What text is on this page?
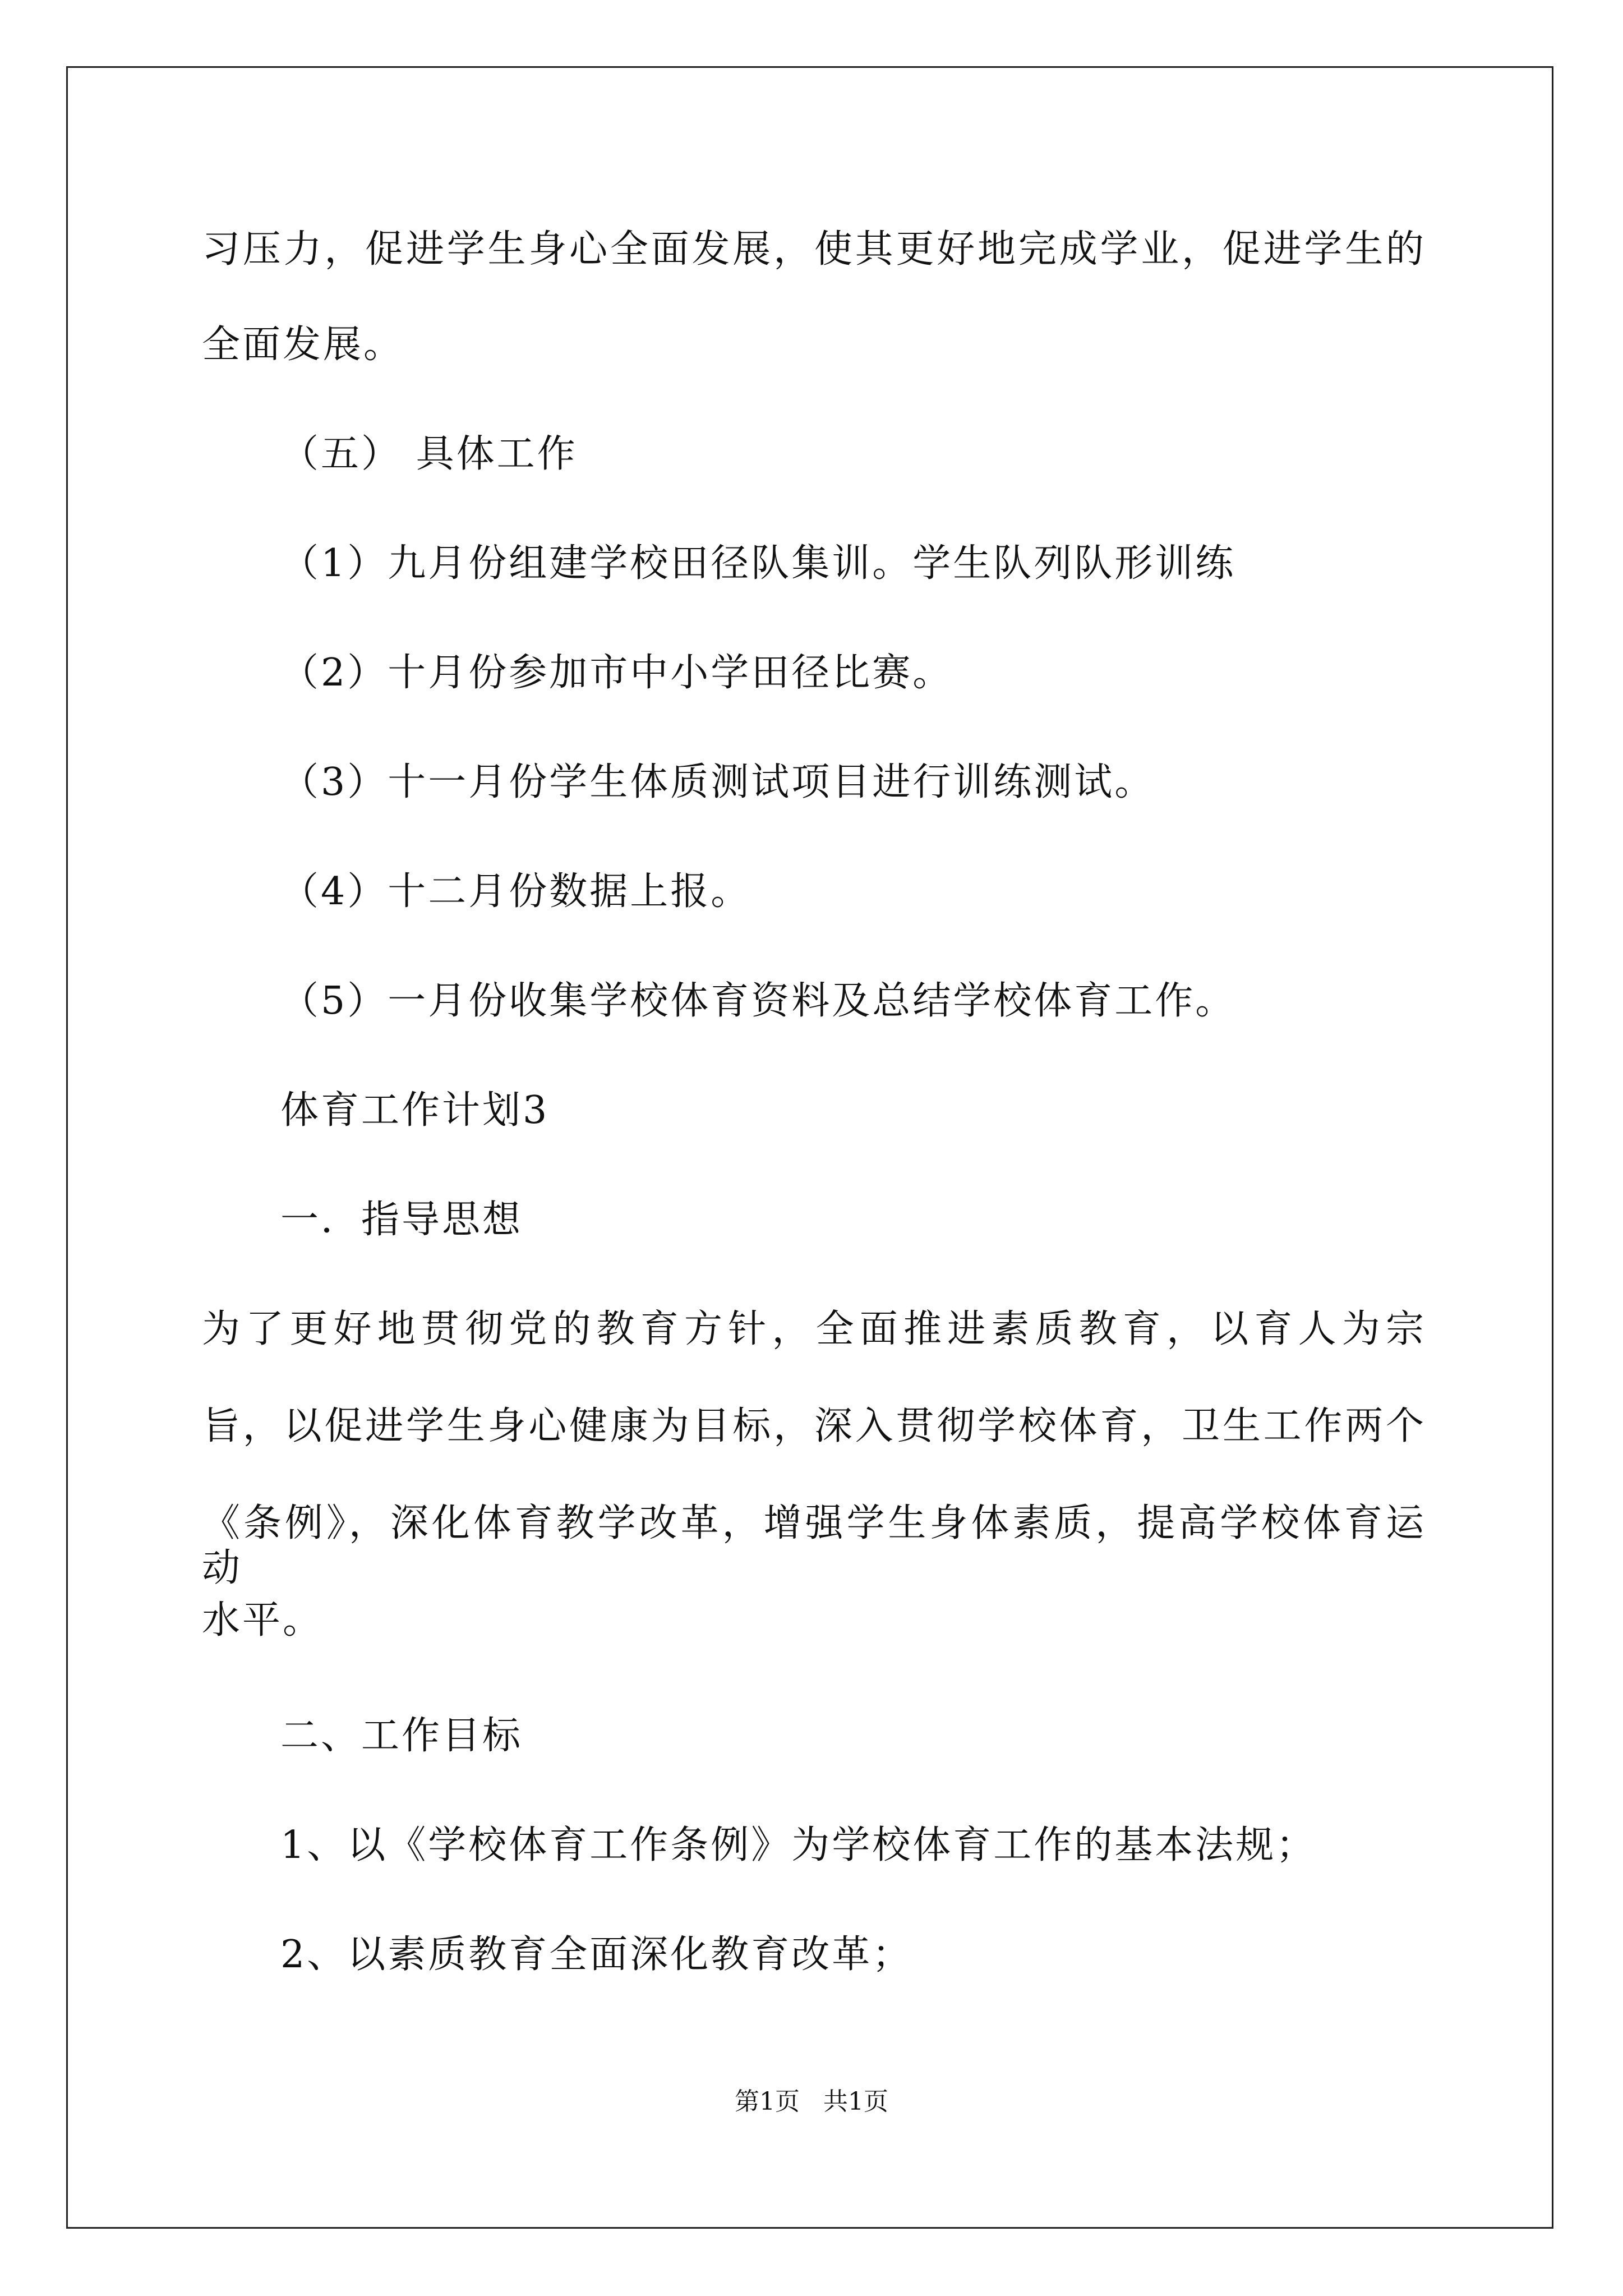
习压力，促进学生身心全面发展，使其更好地完成学业，促进学生的
全面发展。
（五） 具体工作
（1）九月份组建学校田径队集训。学生队列队形训练
（2）十月份参加市中小学田径比赛。
（3）十一月份学生体质测试项目进行训练测试。
（4）十二月份数据上报。
（5）一月份收集学校体育资料及总结学校体育工作。
体育工作计划3
一．指导思想
为了更好地贯彻党的教育方针，全面推进素质教育，以育人为宗
旨，以促进学生身心健康为目标，深入贯彻学校体育，卫生工作两个
《条例》，深化体育教学改革，增强学生身体素质，提高学校体育运动
水平。
二、工作目标
1、以《学校体育工作条例》为学校体育工作的基本法规；
2、以素质教育全面深化教育改革；
第1页   共1页
